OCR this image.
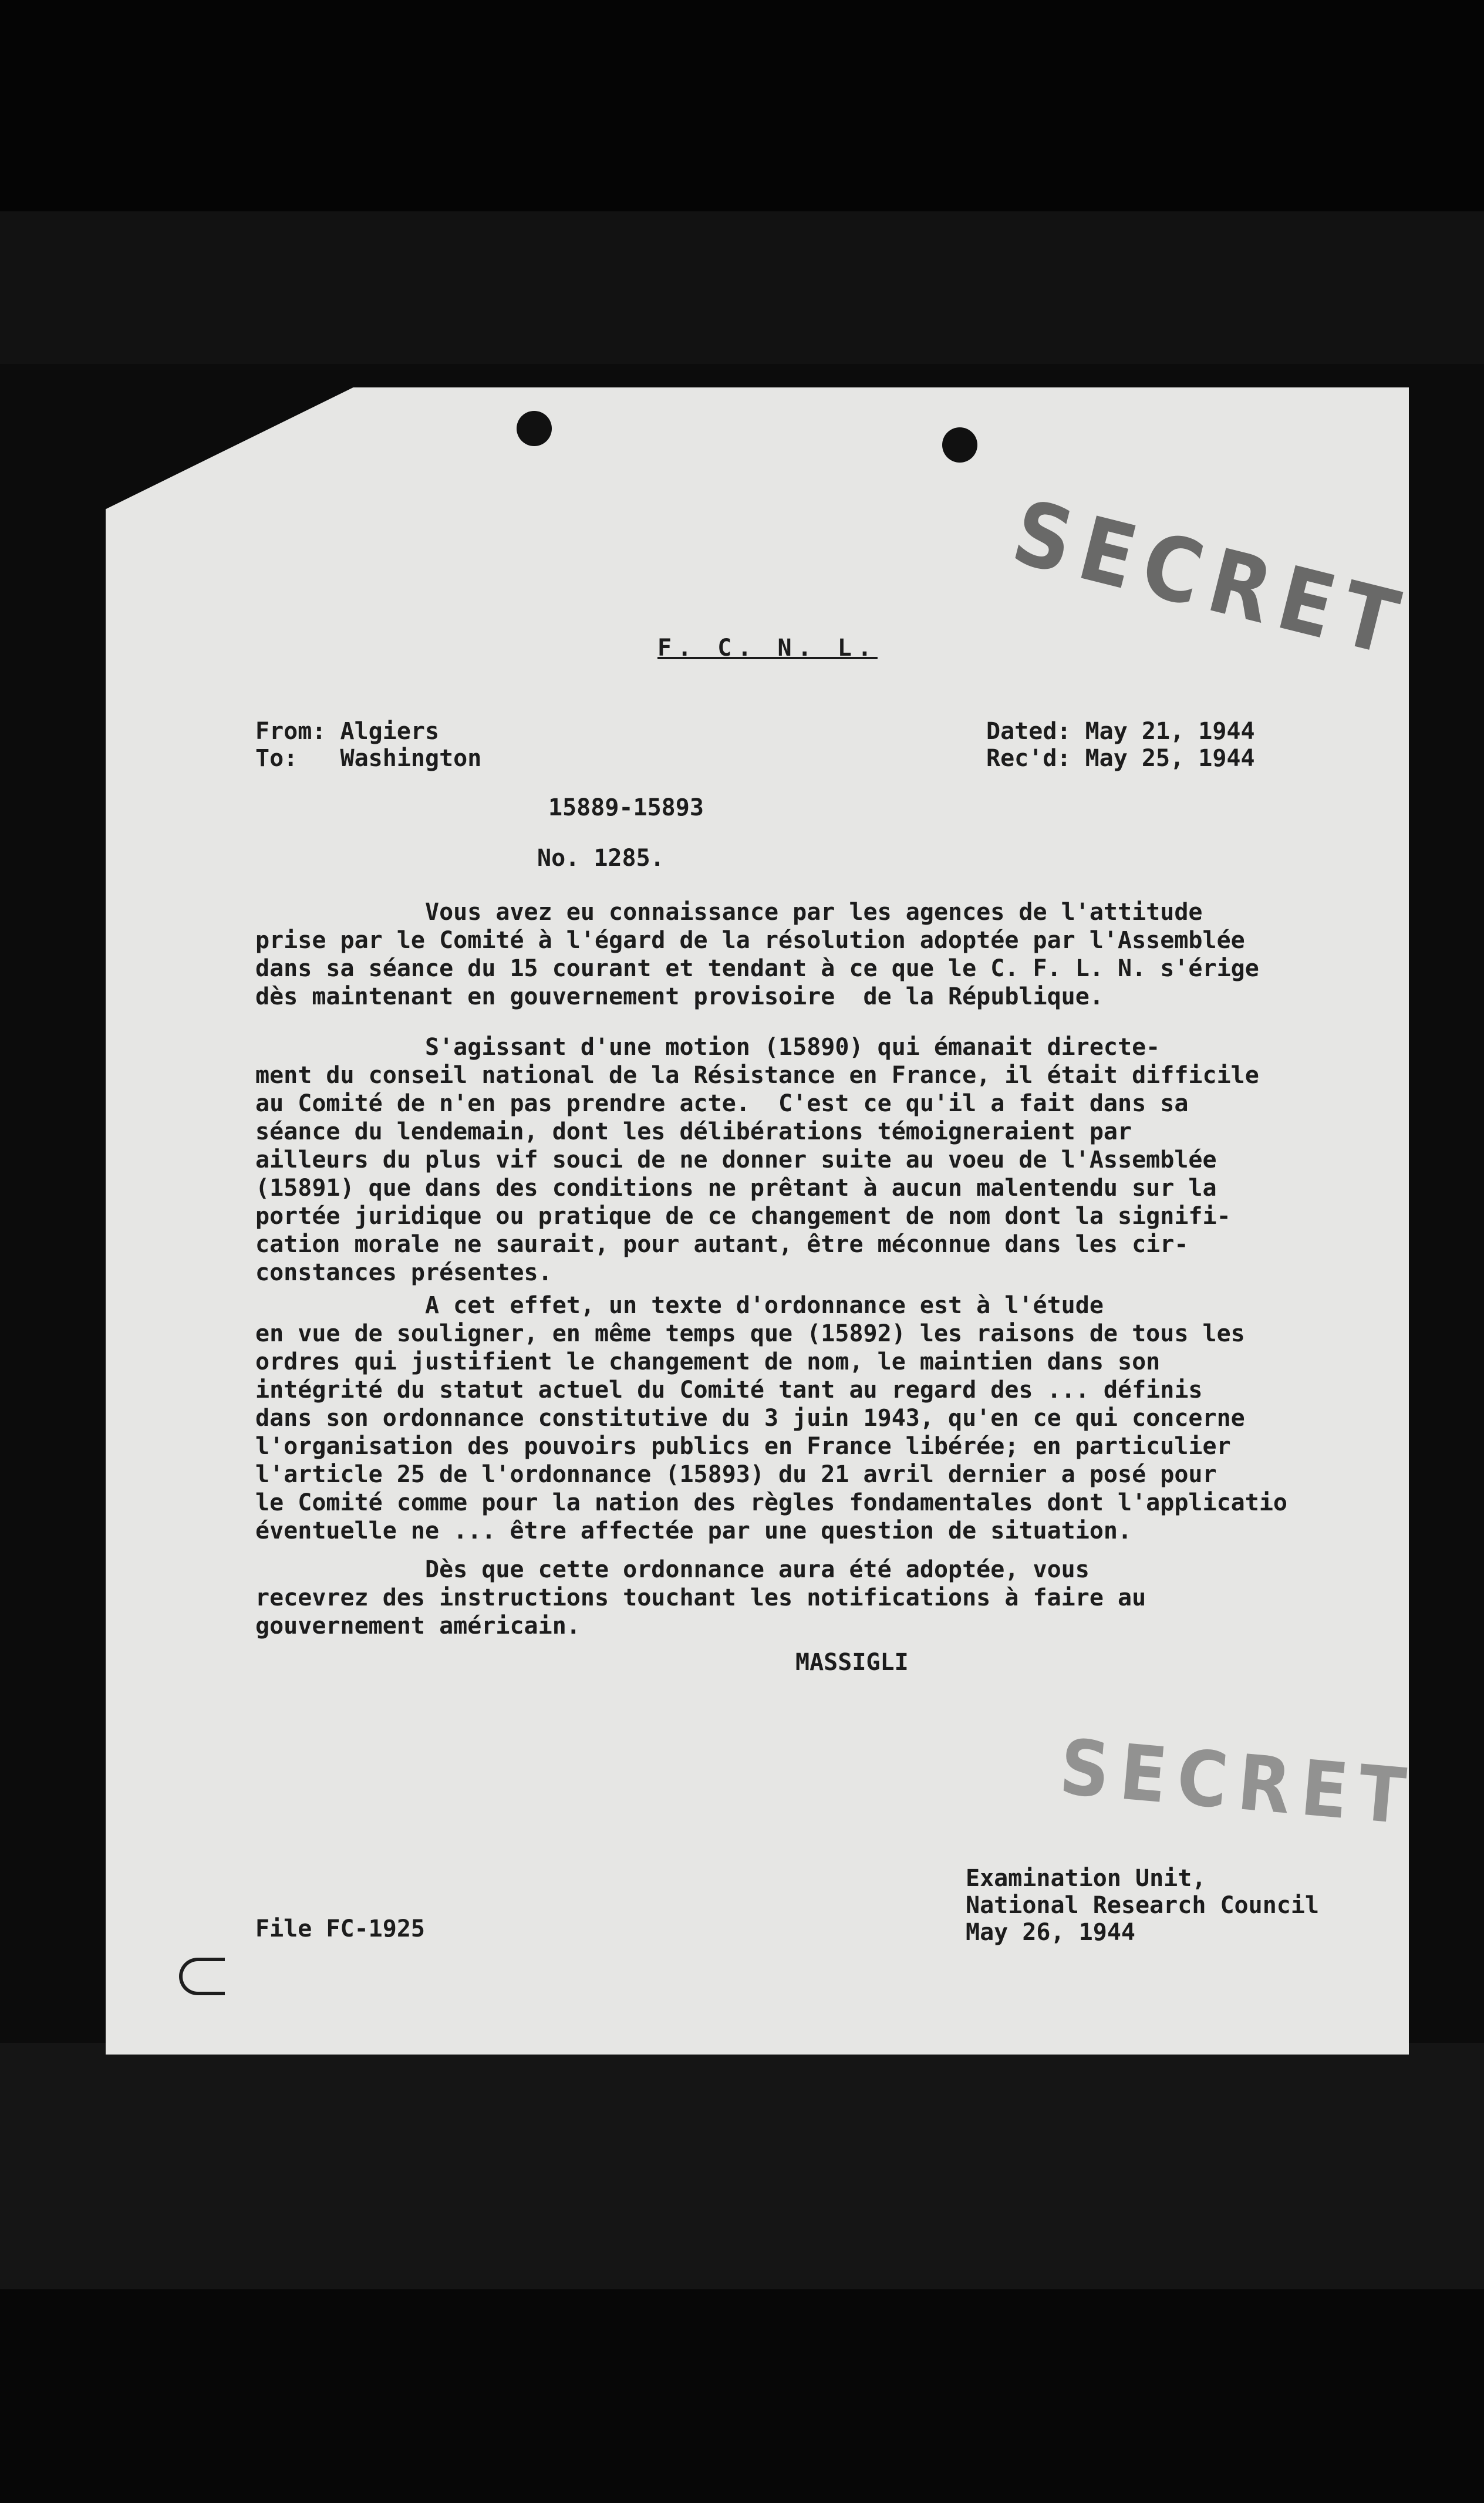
SECRET
SECRET
F. C. N. L.
From: Algiers
To:   Washington
Dated: May 21, 1944
Rec'd: May 25, 1944
15889-15893
No. 1285.
Vous avez eu connaissance par les agences de l'attitude
prise par le Comité à l'égard de la résolution adoptée par l'Assemblée
dans sa séance du 15 courant et tendant à ce que le C. F. L. N. s'érige
dès maintenant en gouvernement provisoire  de la République.
S'agissant d'une motion (15890) qui émanait directe-
ment du conseil national de la Résistance en France, il était difficile
au Comité de n'en pas prendre acte.  C'est ce qu'il a fait dans sa
séance du lendemain, dont les délibérations témoigneraient par
ailleurs du plus vif souci de ne donner suite au voeu de l'Assemblée
(15891) que dans des conditions ne prêtant à aucun malentendu sur la
portée juridique ou pratique de ce changement de nom dont la signifi-
cation morale ne saurait, pour autant, être méconnue dans les cir-
constances présentes.
A cet effet, un texte d'ordonnance est à l'étude
en vue de souligner, en même temps que (15892) les raisons de tous les
ordres qui justifient le changement de nom, le maintien dans son
intégrité du statut actuel du Comité tant au regard des ... définis
dans son ordonnance constitutive du 3 juin 1943, qu'en ce qui concerne
l'organisation des pouvoirs publics en France libérée; en particulier
l'article 25 de l'ordonnance (15893) du 21 avril dernier a posé pour
le Comité comme pour la nation des règles fondamentales dont l'applicatio
éventuelle ne ... être affectée par une question de situation.
Dès que cette ordonnance aura été adoptée, vous
recevrez des instructions touchant les notifications à faire au
gouvernement américain.
MASSIGLI
Examination Unit,
National Research Council
May 26, 1944
File FC-1925
